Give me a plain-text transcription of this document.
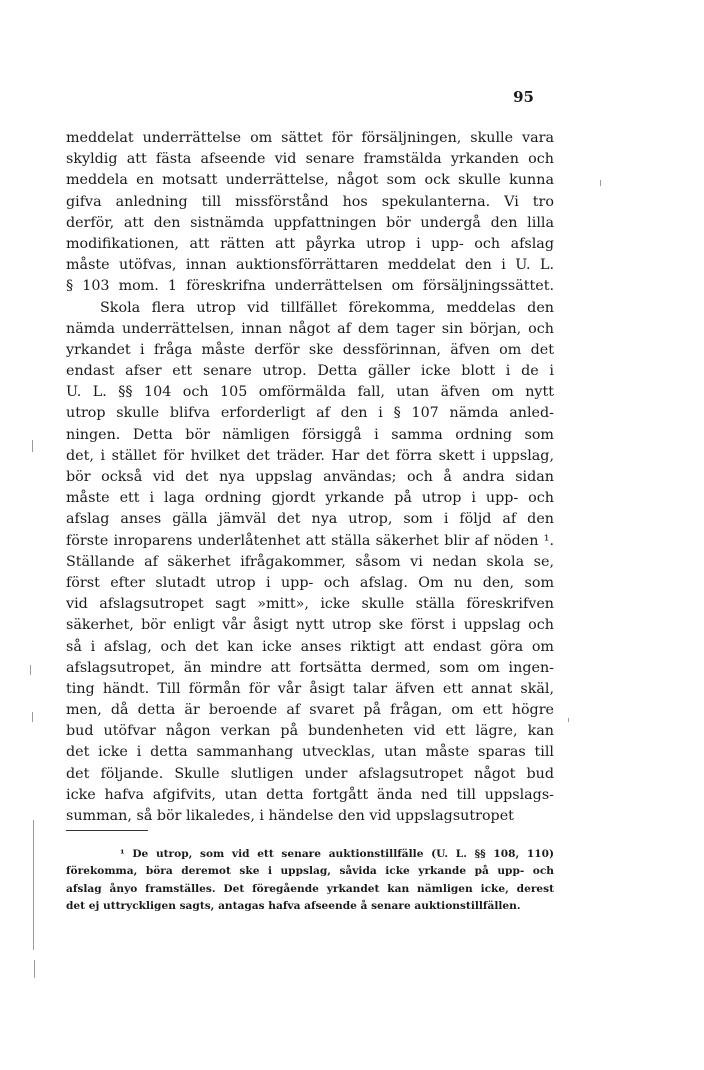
95
meddelat underrättelse om sättet för försäljningen, skulle vara
skyldig att fästa afseende vid senare framstälda yrkanden och
meddela en motsatt underrättelse, något som ock skulle kunna
gifva anledning till missförstånd hos spekulanterna. Vi tro
derför, att den sistnämda uppfattningen bör undergå den lilla
modifikationen, att rätten att påyrka utrop i upp- och afslag
måste utöfvas, innan auktionsförrättaren meddelat den i U. L.
§ 103 mom. 1 föreskrifna underrättelsen om försäljningssättet.
Skola flera utrop vid tillfället förekomma, meddelas den
nämda underrättelsen, innan något af dem tager sin början, och
yrkandet i fråga måste derför ske dessförinnan, äfven om det
endast afser ett senare utrop. Detta gäller icke blott i de i
U. L. §§ 104 och 105 omförmälda fall, utan äfven om nytt
utrop skulle blifva erforderligt af den i § 107 nämda anled-
ningen. Detta bör nämligen försiggå i samma ordning som
det, i stället för hvilket det träder. Har det förra skett i uppslag,
bör också vid det nya uppslag användas; och å andra sidan
måste ett i laga ordning gjordt yrkande på utrop i upp- och
afslag anses gälla jämväl det nya utrop, som i följd af den
förste inroparens underlåtenhet att ställa säkerhet blir af nöden ¹.
Ställande af säkerhet ifrågakommer, såsom vi nedan skola se,
först efter slutadt utrop i upp- och afslag. Om nu den, som
vid afslagsutropet sagt »mitt», icke skulle ställa föreskrifven
säkerhet, bör enligt vår åsigt nytt utrop ske först i uppslag och
så i afslag, och det kan icke anses riktigt att endast göra om
afslagsutropet, än mindre att fortsätta dermed, som om ingen-
ting händt. Till förmån för vår åsigt talar äfven ett annat skäl,
men, då detta är beroende af svaret på frågan, om ett högre
bud utöfvar någon verkan på bundenheten vid ett lägre, kan
det icke i detta sammanhang utvecklas, utan måste sparas till
det följande. Skulle slutligen under afslagsutropet något bud
icke hafva afgifvits, utan detta fortgått ända ned till uppslags-
summan, så bör likaledes, i händelse den vid uppslagsutropet
¹ De utrop, som vid ett senare auktionstillfälle (U. L. §§ 108, 110)
förekomma, böra deremot ske i uppslag, såvida icke yrkande på upp- och
afslag ånyo framställes. Det föregående yrkandet kan nämligen icke, derest
det ej uttryckligen sagts, antagas hafva afseende å senare auktionstillfällen.
